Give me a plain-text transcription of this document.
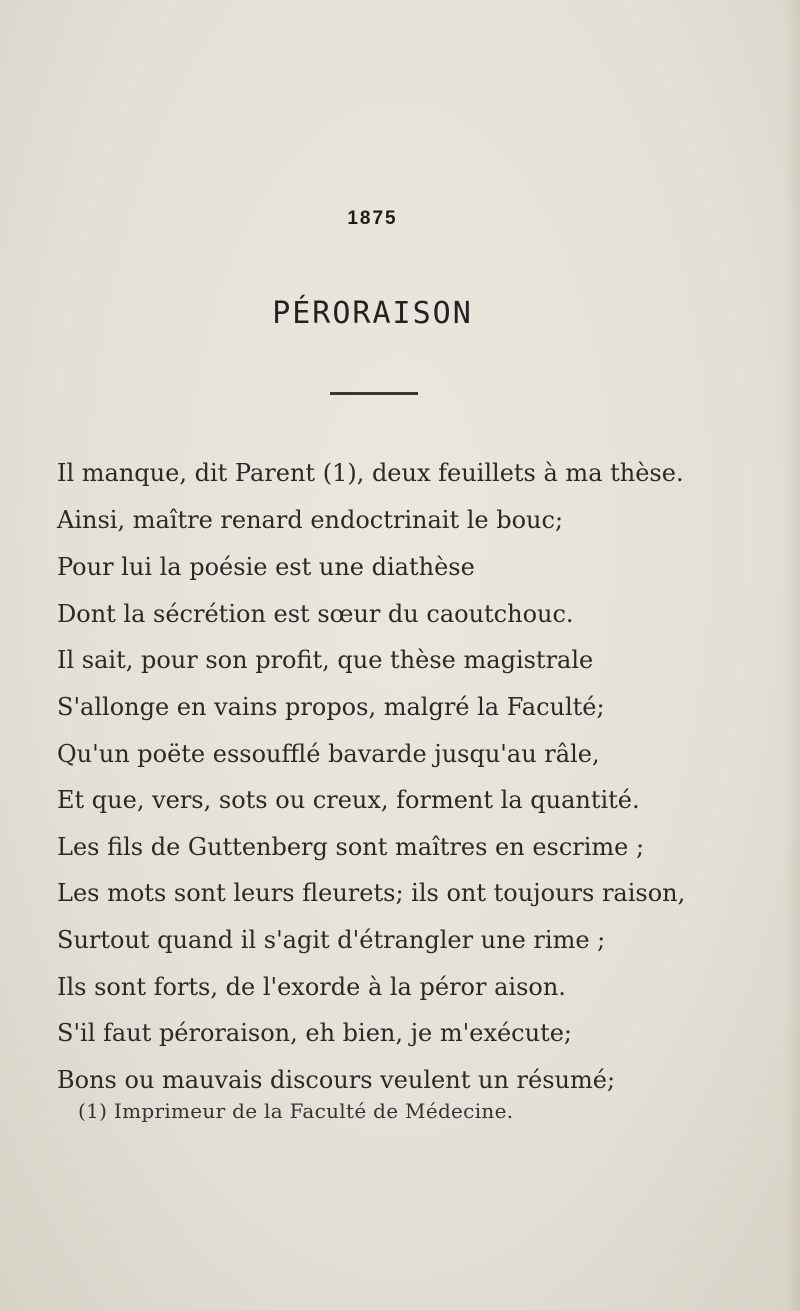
1875
PÉRORAISON
Il manque, dit Parent (1), deux feuillets à ma thèse.
Ainsi, maître renard endoctrinait le bouc;
Pour lui la poésie est une diathèse
Dont la sécrétion est sœur du caoutchouc.
Il sait, pour son profit, que thèse magistrale
S'allonge en vains propos, malgré la Faculté;
Qu'un poëte essoufflé bavarde jusqu'au râle,
Et que, vers, sots ou creux, forment la quantité.
Les fils de Guttenberg sont maîtres en escrime ;
Les mots sont leurs fleurets; ils ont toujours raison,
Surtout quand il s'agit d'étrangler une rime ;
Ils sont forts, de l'exorde à la péror aison.
S'il faut péroraison, eh bien, je m'exécute;
Bons ou mauvais discours veulent un résumé;
(1) Imprimeur de la Faculté de Médecine.
